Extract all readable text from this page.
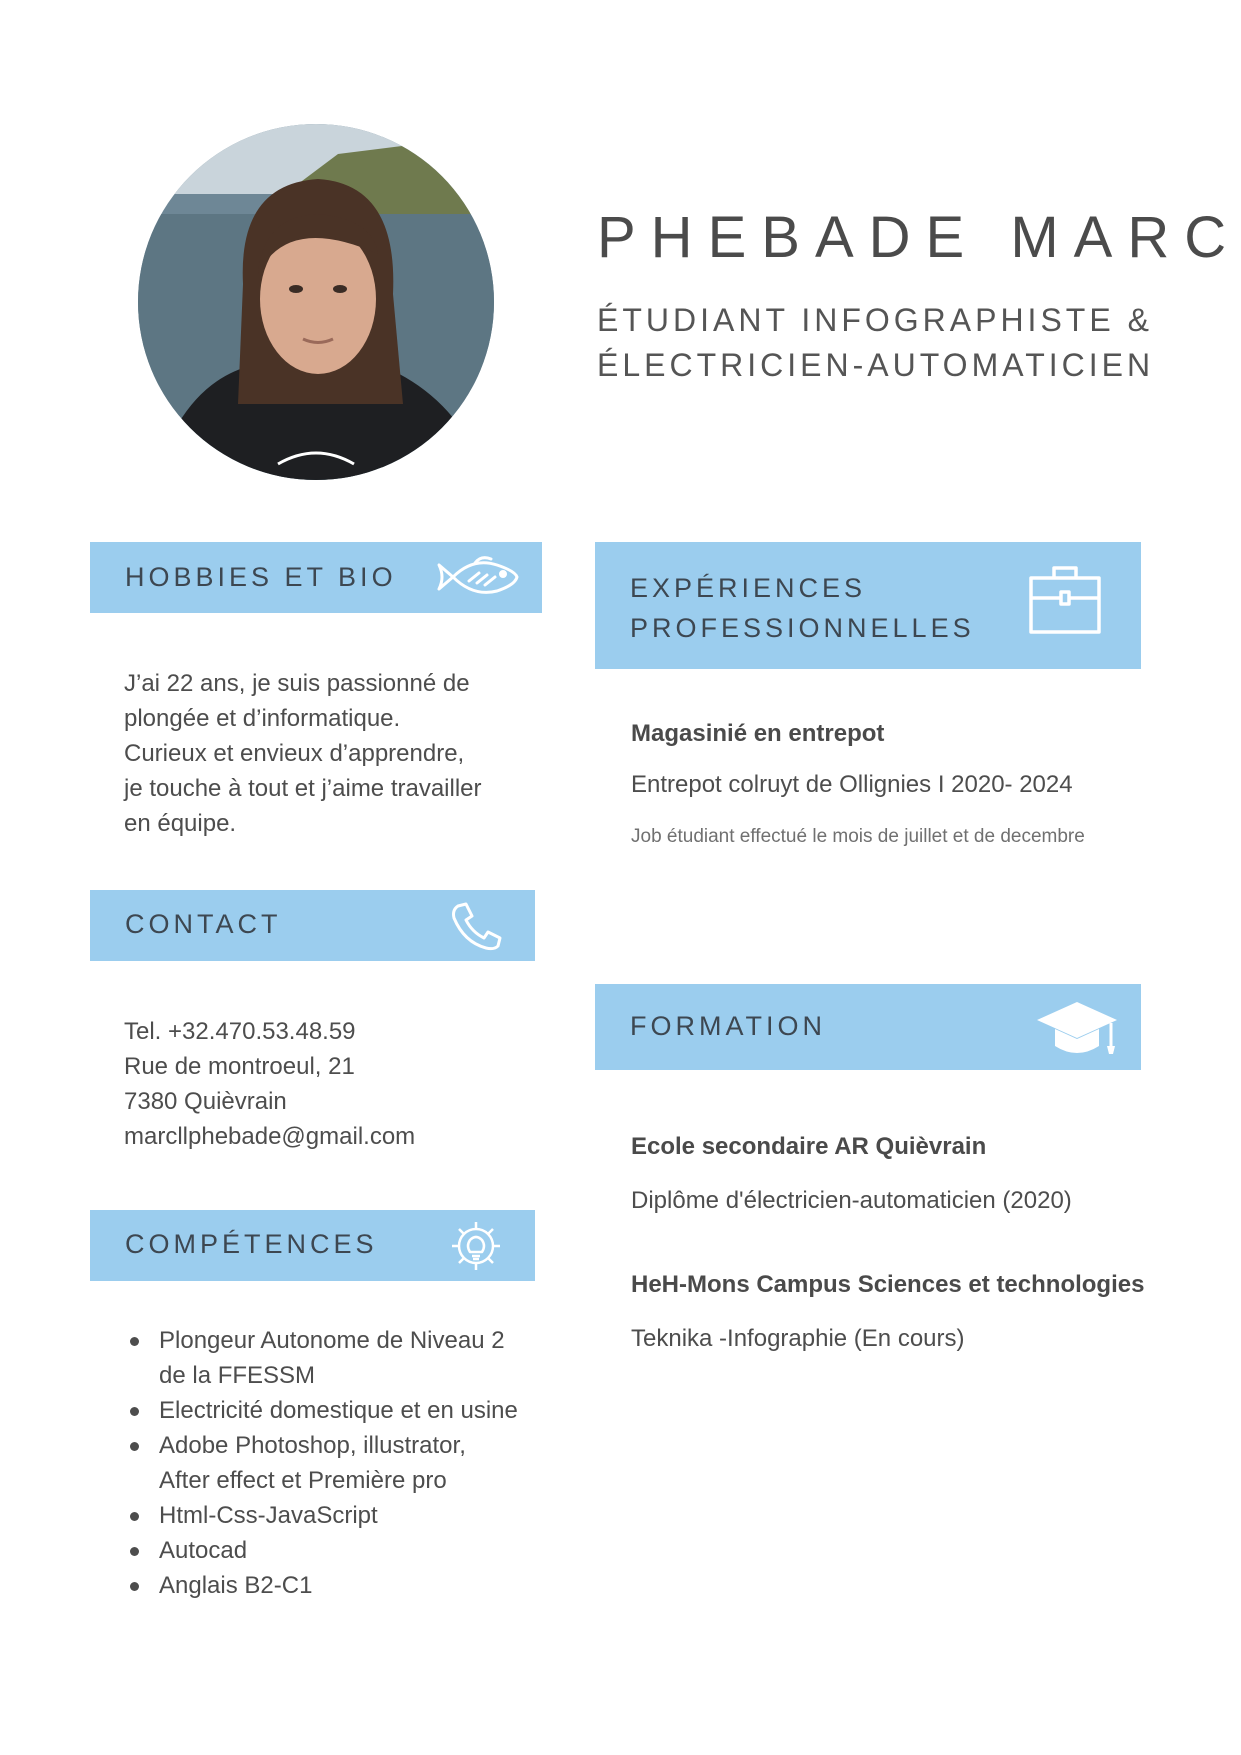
PHEBADE MARC
ÉTUDIANT INFOGRAPHISTE &
ÉLECTRICIEN-AUTOMATICIEN
HOBBIES ET BIO
J’ai 22 ans, je suis passionné de
plongée et d’informatique.
Curieux et envieux d’apprendre,
je touche à tout et j’aime travailler
en équipe.
CONTACT
Tel. +32.470.53.48.59
Rue de montroeul, 21
7380 Quièvrain
marcllphebade@gmail.com
COMPÉTENCES
Plongeur Autonome de Niveau 2 de la FFESSM
Electricité domestique et en usine
Adobe Photoshop, illustrator, After effect et Première pro
Html-Css-JavaScript
Autocad
Anglais B2-C1
EXPÉRIENCES
PROFESSIONNELLES
Magasinié en entrepot
Entrepot colruyt de Ollignies I 2020- 2024
Job étudiant effectué le mois de juillet et de decembre
FORMATION
Ecole secondaire AR Quièvrain
Diplôme d'électricien-automaticien (2020)
HeH-Mons Campus Sciences et technologies
Teknika -Infographie (En cours)
